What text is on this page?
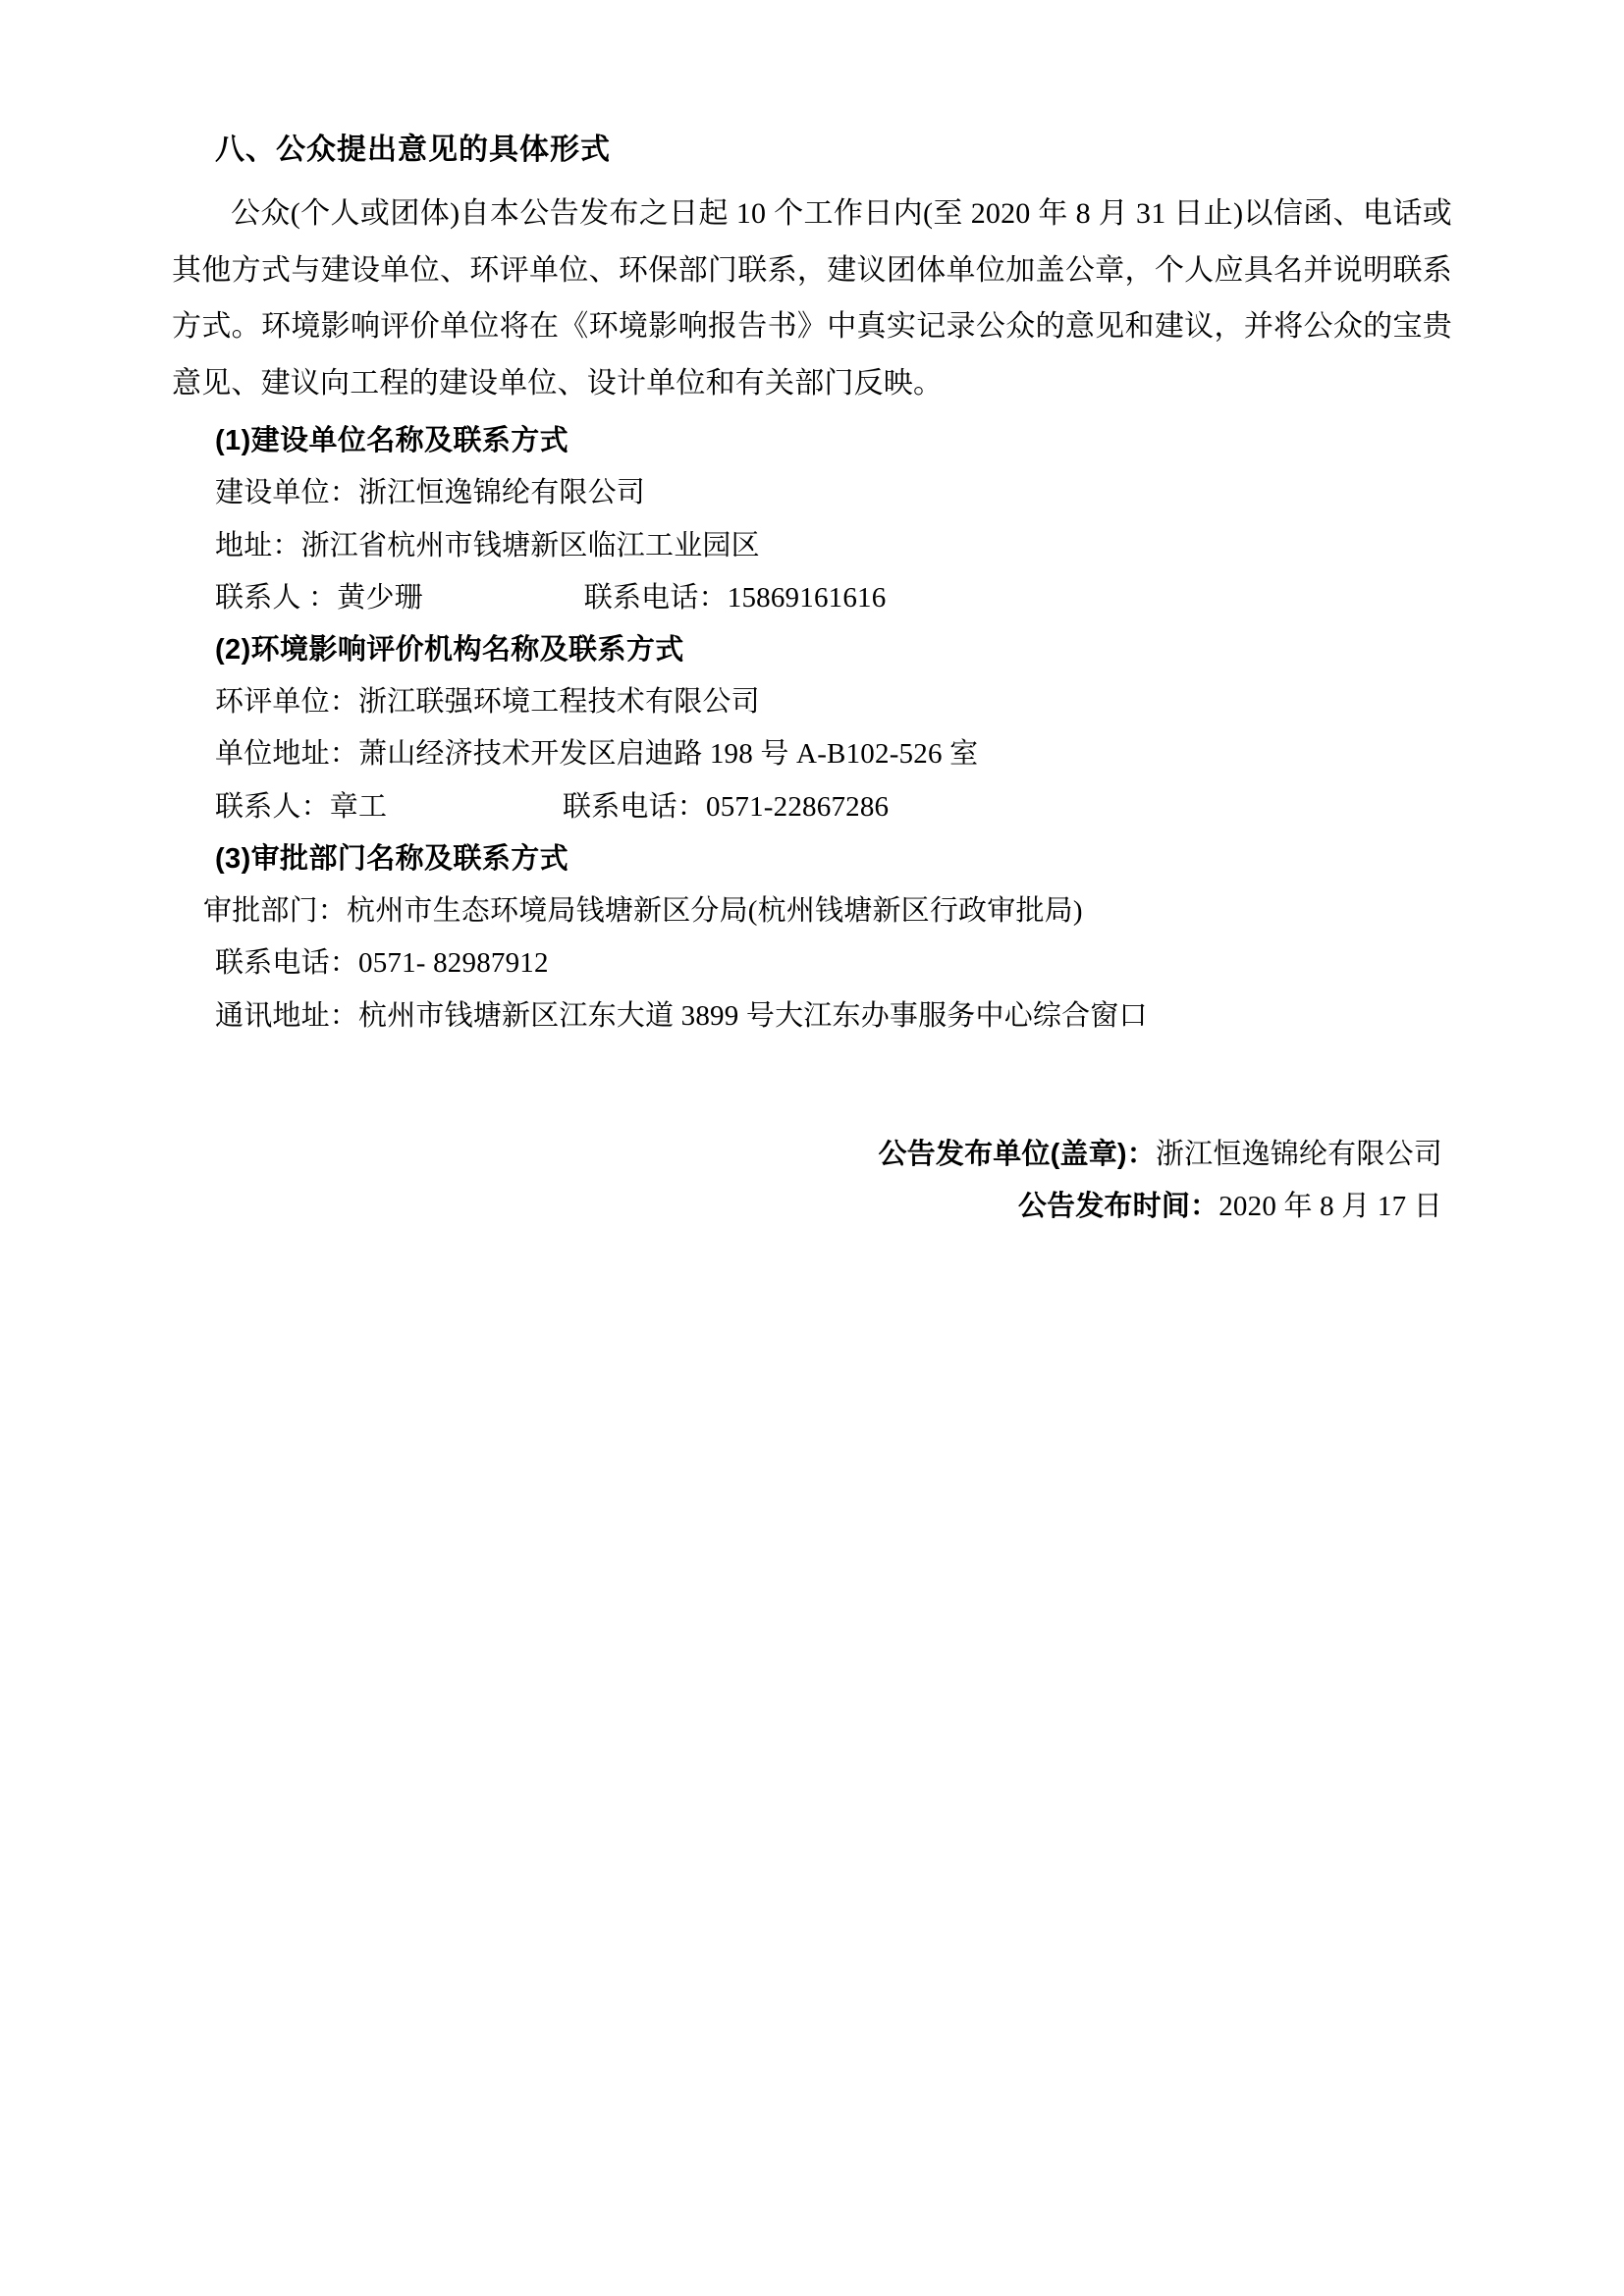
八、公众提出意见的具体形式

公众(个人或团体)自本公告发布之日起 10 个工作日内(至 2020 年 8 月 31 日止)以信函、电话或其他方式与建设单位、环评单位、环保部门联系，建议团体单位加盖公章，个人应具名并说明联系方式。环境影响评价单位将在《环境影响报告书》中真实记录公众的意见和建议，并将公众的宝贵意见、建议向工程的建设单位、设计单位和有关部门反映。

(1)建设单位名称及联系方式

建设单位：浙江恒逸锦纶有限公司

地址：浙江省杭州市钱塘新区临江工业园区

联系人 ：黄少珊                      联系电话：15869161616

(2)环境影响评价机构名称及联系方式

环评单位：浙江联强环境工程技术有限公司

单位地址：萧山经济技术开发区启迪路 198 号 A-B102-526 室

联系人：章工                        联系电话：0571-22867286

(3)审批部门名称及联系方式

审批部门：杭州市生态环境局钱塘新区分局(杭州钱塘新区行政审批局)

联系电话：0571- 82987912

通讯地址：杭州市钱塘新区江东大道 3899 号大江东办事服务中心综合窗口

公告发布单位(盖章)：浙江恒逸锦纶有限公司

公告发布时间：2020 年 8 月 17 日
